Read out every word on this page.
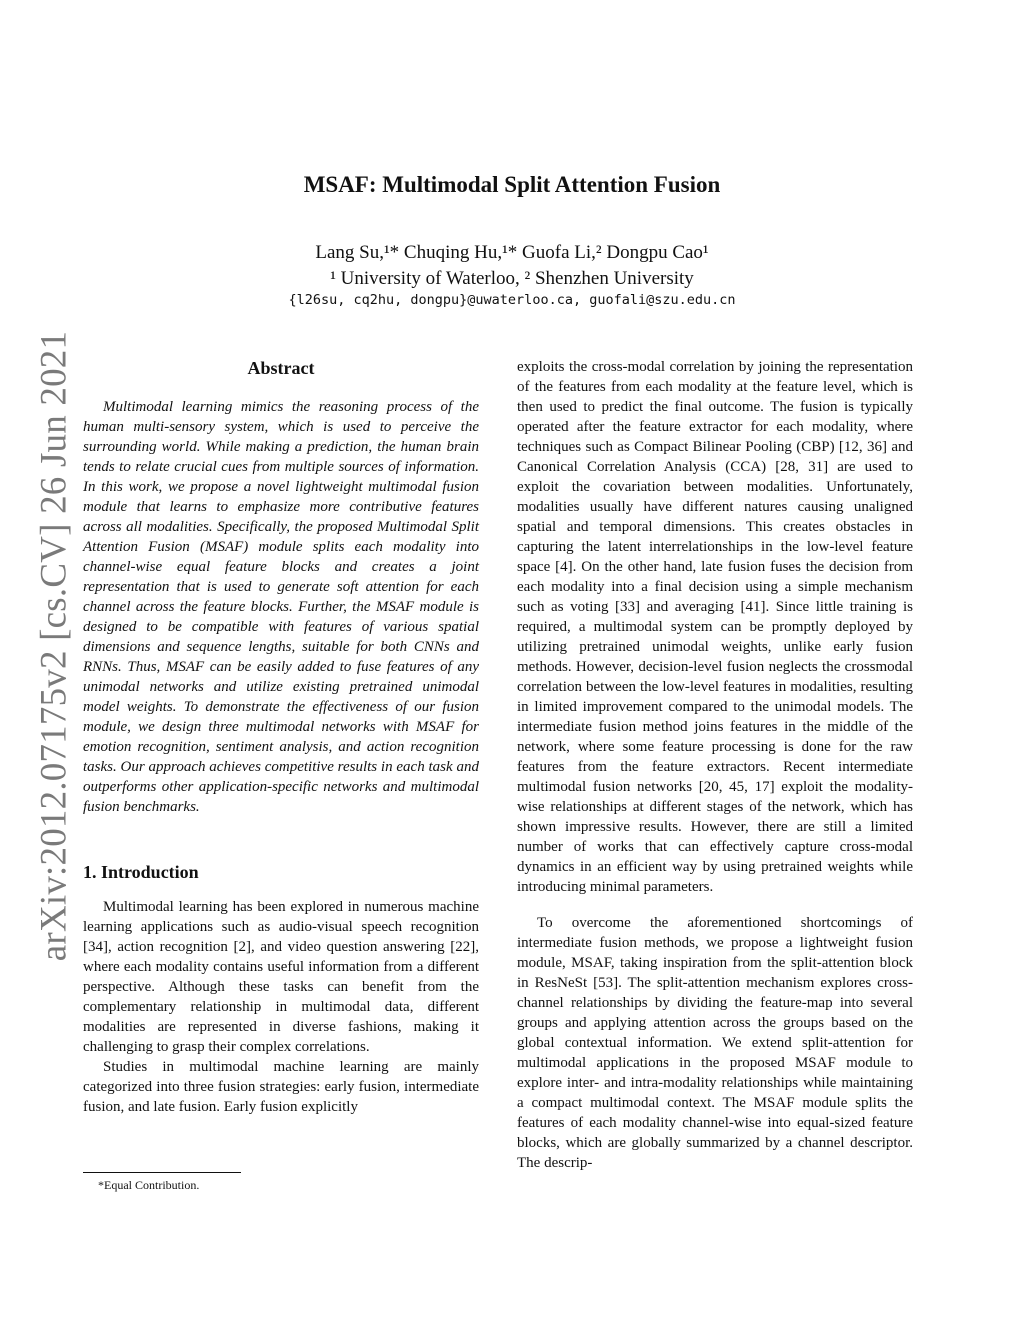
arXiv:2012.07175v2 [cs.CV] 26 Jun 2021
MSAF: Multimodal Split Attention Fusion
Lang Su,¹* Chuqing Hu,¹* Guofa Li,² Dongpu Cao¹
¹ University of Waterloo, ² Shenzhen University
{l26su, cq2hu, dongpu}@uwaterloo.ca, guofali@szu.edu.cn
Abstract

Multimodal learning mimics the reasoning process of the human multi-sensory system, which is used to perceive the surrounding world. While making a prediction, the human brain tends to relate crucial cues from multiple sources of information. In this work, we propose a novel lightweight multimodal fusion module that learns to emphasize more contributive features across all modalities. Specifically, the proposed Multimodal Split Attention Fusion (MSAF) module splits each modality into channel-wise equal feature blocks and creates a joint representation that is used to generate soft attention for each channel across the feature blocks. Further, the MSAF module is designed to be compatible with features of various spatial dimensions and sequence lengths, suitable for both CNNs and RNNs. Thus, MSAF can be easily added to fuse features of any unimodal networks and utilize existing pretrained unimodal model weights. To demonstrate the effectiveness of our fusion module, we design three multimodal networks with MSAF for emotion recognition, sentiment analysis, and action recognition tasks. Our approach achieves competitive results in each task and outperforms other application-specific networks and multimodal fusion benchmarks.

1. Introduction

Multimodal learning has been explored in numerous machine learning applications such as audio-visual speech recognition [34], action recognition [2], and video question answering [22], where each modality contains useful information from a different perspective. Although these tasks can benefit from the complementary relationship in multimodal data, different modalities are represented in diverse fashions, making it challenging to grasp their complex correlations.

Studies in multimodal machine learning are mainly categorized into three fusion strategies: early fusion, intermediate fusion, and late fusion. Early fusion explicitly

exploits the cross-modal correlation by joining the representation of the features from each modality at the feature level, which is then used to predict the final outcome. The fusion is typically operated after the feature extractor for each modality, where techniques such as Compact Bilinear Pooling (CBP) [12, 36] and Canonical Correlation Analysis (CCA) [28, 31] are used to exploit the covariation between modalities. Unfortunately, modalities usually have different natures causing unaligned spatial and temporal dimensions. This creates obstacles in capturing the latent interrelationships in the low-level feature space [4]. On the other hand, late fusion fuses the decision from each modality into a final decision using a simple mechanism such as voting [33] and averaging [41]. Since little training is required, a multimodal system can be promptly deployed by utilizing pretrained unimodal weights, unlike early fusion methods. However, decision-level fusion neglects the crossmodal correlation between the low-level features in modalities, resulting in limited improvement compared to the unimodal models. The intermediate fusion method joins features in the middle of the network, where some feature processing is done for the raw features from the feature extractors. Recent intermediate multimodal fusion networks [20, 45, 17] exploit the modality-wise relationships at different stages of the network, which has shown impressive results. However, there are still a limited number of works that can effectively capture cross-modal dynamics in an efficient way by using pretrained weights while introducing minimal parameters.

To overcome the aforementioned shortcomings of intermediate fusion methods, we propose a lightweight fusion module, MSAF, taking inspiration from the split-attention block in ResNeSt [53]. The split-attention mechanism explores cross-channel relationships by dividing the feature-map into several groups and applying attention across the groups based on the global contextual information. We extend split-attention for multimodal applications in the proposed MSAF module to explore inter- and intra-modality relationships while maintaining a compact multimodal context. The MSAF module splits the features of each modality channel-wise into equal-sized feature blocks, which are globally summarized by a channel descriptor. The descrip-

*Equal Contribution.
